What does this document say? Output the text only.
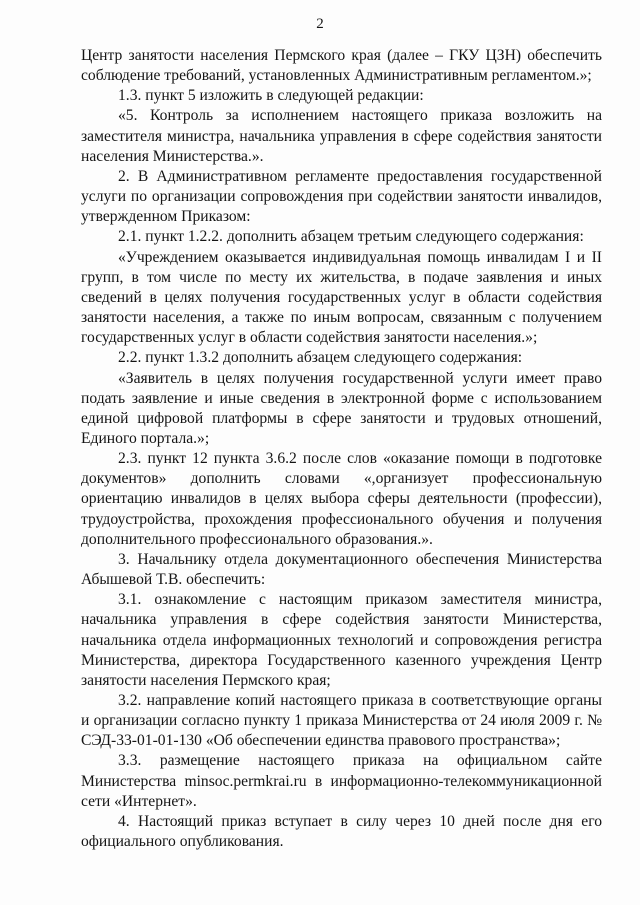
2

Центр занятости населения Пермского края (далее – ГКУ ЦЗН) обеспечить соблюдение требований, установленных Административным регламентом.»;

1.3. пункт 5 изложить в следующей редакции:

«5. Контроль за исполнением настоящего приказа возложить на заместителя министра, начальника управления в сфере содействия занятости населения Министерства.».

2. В Административном регламенте предоставления государственной услуги по организации сопровождения при содействии занятости инвалидов, утвержденном Приказом:

2.1. пункт 1.2.2. дополнить абзацем третьим следующего содержания:

«Учреждением оказывается индивидуальная помощь инвалидам I и II групп, в том числе по месту их жительства, в подаче заявления и иных сведений в целях получения государственных услуг в области содействия занятости населения, а также по иным вопросам, связанным с получением государственных услуг в области содействия занятости населения.»;

2.2. пункт 1.3.2 дополнить абзацем следующего содержания:

«Заявитель в целях получения государственной услуги имеет право подать заявление и иные сведения в электронной форме с использованием единой цифровой платформы в сфере занятости и трудовых отношений, Единого портала.»;

2.3. пункт 12 пункта 3.6.2 после слов «оказание помощи в подготовке документов» дополнить словами «,организует профессиональную ориентацию инвалидов в целях выбора сферы деятельности (профессии), трудоустройства, прохождения профессионального обучения и получения дополнительного профессионального образования.».

3. Начальнику отдела документационного обеспечения Министерства Абышевой Т.В. обеспечить:

3.1. ознакомление с настоящим приказом заместителя министра, начальника управления в сфере содействия занятости Министерства, начальника отдела информационных технологий и сопровождения регистра Министерства, директора Государственного казенного учреждения Центр занятости населения Пермского края;

3.2. направление копий настоящего приказа в соответствующие органы и организации согласно пункту 1 приказа Министерства от 24 июля 2009 г. № СЭД-33-01-01-130 «Об обеспечении единства правового пространства»;

3.3. размещение настоящего приказа на официальном сайте Министерства minsoc.permkrai.ru в информационно-телекоммуникационной сети «Интернет».

4. Настоящий приказ вступает в силу через 10 дней после дня его официального опубликования.
